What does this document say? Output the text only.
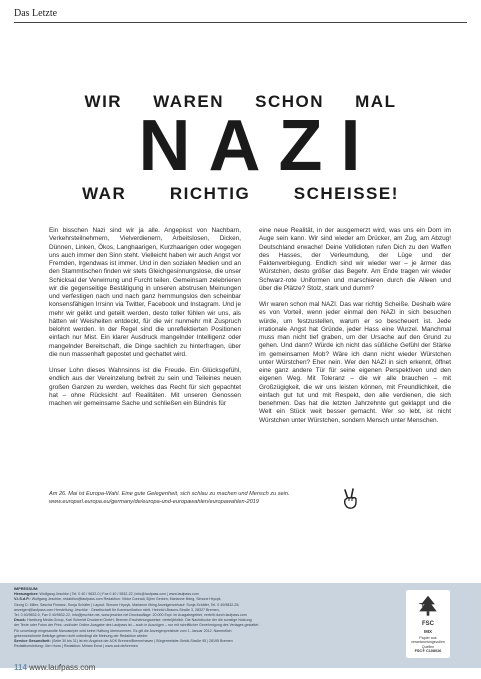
Das Letzte
WIR WAREN SCHON MAL
NAZI
WAR	RICHTIG	SCHEISSE!

Ein bisschen Nazi sind wir ja alle. Angepisst von Nachbarn, Verkehrsteilnehmern, Vielverdienern, Arbeitslosen, Dicken, Dünnen, Linken, Ökos, Langhaarigen, Kurzhaarigen oder wogegen uns auch immer den Sinn steht. Vielleicht haben wir auch Angst vor Fremden, Irgendwas ist immer. Und in den sozialen Medien und an den Stammtischen finden wir stets Gleichgesinnungslose, die unser Schicksal der Verwirrung und Furcht teilen. Gemeinsam zelebrieren wir die gegenseitige Bestätigung in unseren abstrusen Meinungen und verfestigen nach und nach ganz hemmungslos den scheinbar konsensfähigen Irrsinn via Twitter, Facebook und Instagram. Und je mehr wir gelikt und geteilt werden, desto toller fühlen wir uns, als hätten wir Weisheiten entdeckt, für die wir nunmehr mit Zuspruch belohnt werden. In der Regel sind die unreflektierten Positionen einfach nur Mist. Ein klarer Ausdruck mangelnder Intelligenz oder mangelnder Bereitschaft, die Dinge sachlich zu hinterfragen, über die nun massenhaft gepostet und gechattet wird.

Unser Lohn dieses Wahnsinns ist die Freude. Ein Glücksgefühl, endlich aus der Vereinzelung befreit zu sein und Teileines neuen großen Ganzen zu werden, welches das Recht für sich gepachtet hat – ohne Rücksicht auf Realitäten. Mit unseren Genossen machen wir gemeinsame Sache und schließen ein Bündnis für

eine neue Realität, in der ausgemerzt wird, was uns ein Dorn im Auge sein kann. Wir sind wieder am Drücker, am Zug, am Abzug! Deutschland erwache! Deine Vollidioten rufen Dich zu den Waffen des Hasses, der Verleumdung, der Lüge und der Faktenverbiegung. Endlich sind wir wieder wer – je ärmer das Würstchen, desto größer das Begehr. Am Ende tragen wir wieder Schwarz-rote Uniformen und marschieren durch die Alleen und über die Plätze? Stolz, stark und dumm?

Wir waren schon mal NAZI. Das war richtig Scheiße. Deshalb wäre es von Vorteil, wenn jeder einmal den NAZI in sich besuchen würde, um festzustellen, warum er so bescheuert ist. Jede irrationale Angst hat Gründe, jeder Hass eine Wurzel. Manchmal muss man nicht tief graben, um der Ursache auf den Grund zu gehen. Und dann? Würde ich nicht das süßliche Gefühl der Stärke im gemeinsamen Mob? Wäre ich dann nicht wieder Würstchen unter Würstchen? Eher nein. Wer den NAZI in sich erkennt, öffnet eine ganz andere Tür für seine eigenen Perspektiven und den eigenen Weg. Mit Toleranz – die wir alle brauchen – mit Großzügigkeit, die wir uns leisten können, mit Freundlichkeit, die einfach gut tut und mit Respekt, den alle verdienen, die sich benehmen. Das hat die letzten Jahrzehnte gut geklappt und die Welt ein Stück weit besser gemacht. Wer so lebt, ist nicht Würstchen unter Würstchen, sondern Mensch unter Menschen.

Am 26. Mai ist Europa-Wahl. Eine gute Gelegenheit, sich schlau zu machen und Mensch zu sein.
www.europarl.europa.eu/germany/de/europa-und-europawahlen/europawahlen-2019
IMPRESSUM:
Herausgeber: Wolfgang Jeschke | Tel. 0 40 / 9832-0 | Fax 0 40 / 9832-22 | info@laufpass.com | www.laufpass.com
V.i.S.d.P.: Wolfgang Jeschke, redaktion@laufpass.com Redaktion: Viktor Conradi, Björn Gerken, Marianne Ilbing, Simone Hrycyk,
Georg D. Miller, Sascha Florianz, Sonja Schäfer | Layout: Simone Hrycyk, Marianne Ilbing Anzeigenverkauf: Sonja Schäfer, Tel. 0 40/9832-25;
anzeigen@laufpass.com Herstellung: Jeschke · Gesellschaft für Kommunikation mbH, Heinrich-Brauns-Straße 3, 28327 Bremen,
Tel. 0 40/9832-0, Fax 0 40/9832-22, info@jeschke.net, www.jeschke.net Druckauflage: 20.000 Expl. im Ausgabegebiet, verteilt durch laufpass.com
Druck: Hamburg Media Group, Karl Schmidt Druckerei GmbH, Bremen Erscheinungsweise: vierteljährlich. Die Nachdrucke der die sonstige Nutzung
der Texte oder Fotos der Print- und/oder Online-Ausgabe des Laufpass ist – auch in Auszügen – nur mit schriftlicher Genehmigung des Verlages gestattet.
Für unverlangt eingesandte Manuskripte wird keine Haftung übernommen. Es gilt die Anzeigenpreisliste vom 1. Januar 2012. Namentlich
gekennzeichnete Beiträge geben nicht unbedingt die Meinung der Redaktion wieder.
Service Gesundheit: (Seite 30 bis 31) ist ein Angebot der AOK Bremen/Bremerhaven | Bürgermeister-Smidt-Straße 95 | 28195 Bremen
Redaktionsleitung: Jörn Hons | Redaktion: Miriam Ernst | www.aok.de/bremen
FSC
MIX
Papier aus verantwortungsvollen Quellen
FSC® C108026
114 www.laufpass.com
